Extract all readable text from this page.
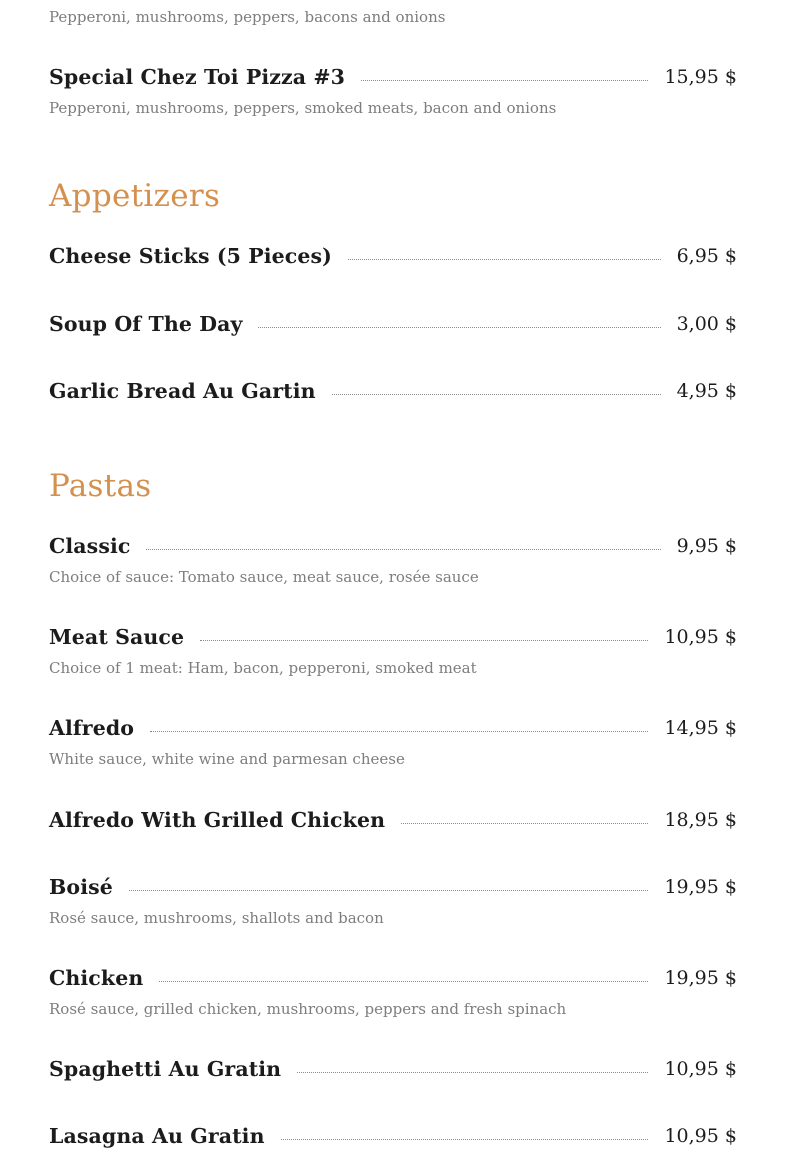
Pepperoni, mushrooms, peppers, bacons and onions
Special Chez Toi Pizza #3	15,95 $
Pepperoni, mushrooms, peppers, smoked meats, bacon and onions
Appetizers
Cheese Sticks (5 Pieces)	6,95 $
Soup Of The Day	3,00 $
Garlic Bread Au Gartin	4,95 $
Pastas
Classic	9,95 $
Choice of sauce: Tomato sauce, meat sauce, rosée sauce
Meat Sauce	10,95 $
Choice of 1 meat: Ham, bacon, pepperoni, smoked meat
Alfredo	14,95 $
White sauce, white wine and parmesan cheese
Alfredo With Grilled Chicken	18,95 $
Boisé	19,95 $
Rosé sauce, mushrooms, shallots and bacon
Chicken	19,95 $
Rosé sauce, grilled chicken, mushrooms, peppers and fresh spinach
Spaghetti Au Gratin	10,95 $
Lasagna Au Gratin	10,95 $
